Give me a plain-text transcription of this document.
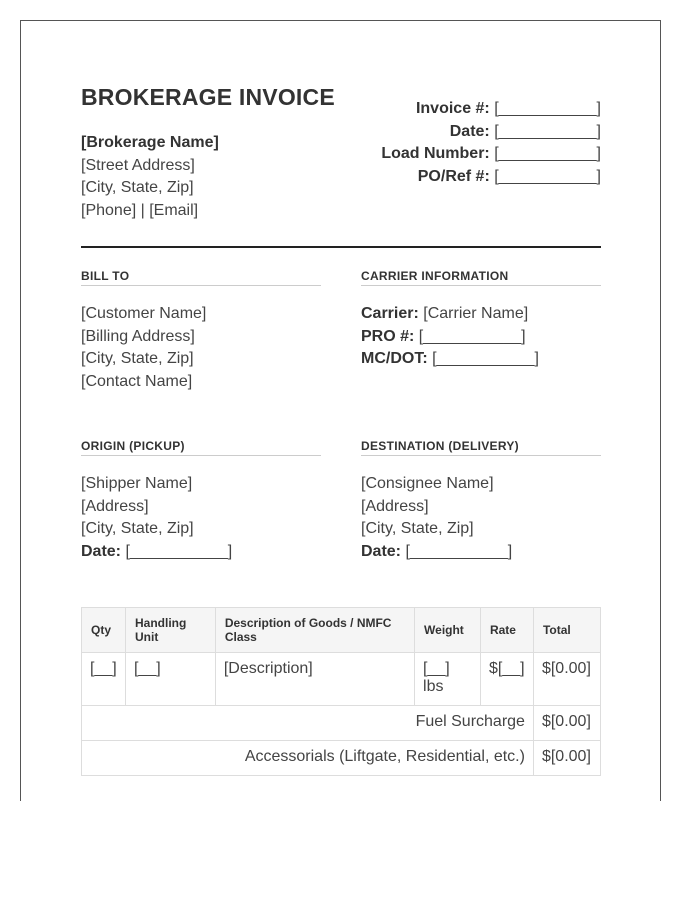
BROKERAGE INVOICE
[Brokerage Name]
[Street Address]
[City, State, Zip]
[Phone] | [Email]
Invoice #: [___________]
Date: [___________]
Load Number: [___________]
PO/Ref #: [___________]
BILL TO
[Customer Name]
[Billing Address]
[City, State, Zip]
[Contact Name]
CARRIER INFORMATION
Carrier: [Carrier Name]
PRO #: [___________]
MC/DOT: [___________]
ORIGIN (PICKUP)
[Shipper Name]
[Address]
[City, State, Zip]
Date: [___________]
DESTINATION (DELIVERY)
[Consignee Name]
[Address]
[City, State, Zip]
Date: [___________]
Qty	Handling Unit	Description of Goods / NMFC Class	Weight	Rate	Total
[__]	[__]	[Description]	[__] lbs	$[__]	$[0.00]
Fuel Surcharge					$[0.00]
Accessorials (Liftgate, Residential, etc.)					$[0.00]
